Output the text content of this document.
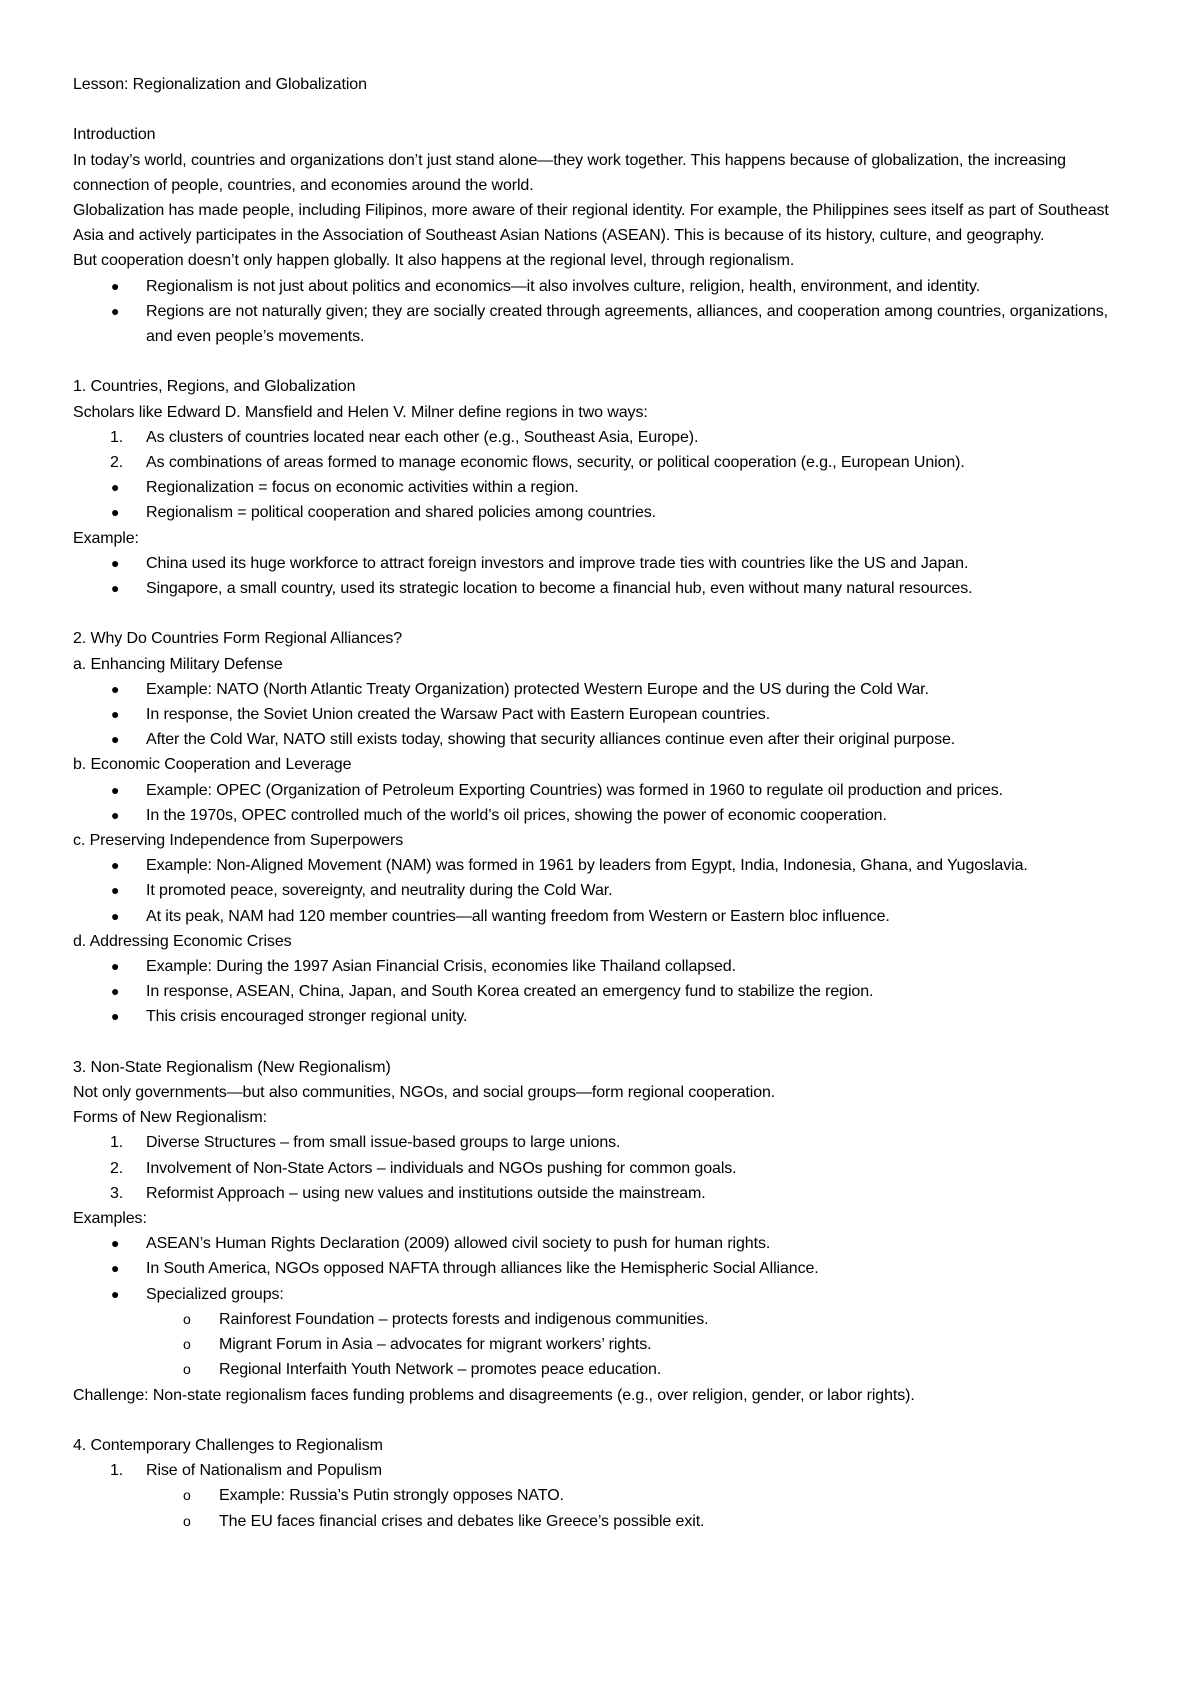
Lesson: Regionalization and Globalization

Introduction

In today’s world, countries and organizations don’t just stand alone—they work together. This happens because of globalization, the increasing connection of people, countries, and economies around the world.

Globalization has made people, including Filipinos, more aware of their regional identity. For example, the Philippines sees itself as part of Southeast Asia and actively participates in the Association of Southeast Asian Nations (ASEAN). This is because of its history, culture, and geography.

But cooperation doesn’t only happen globally. It also happens at the regional level, through regionalism.

●	Regionalism is not just about politics and economics—it also involves culture, religion, health, environment, and identity.
●	Regions are not naturally given; they are socially created through agreements, alliances, and cooperation among countries, organizations, and even people’s movements.

1. Countries, Regions, and Globalization

Scholars like Edward D. Mansfield and Helen V. Milner define regions in two ways:

1.	As clusters of countries located near each other (e.g., Southeast Asia, Europe).
2.	As combinations of areas formed to manage economic flows, security, or political cooperation (e.g., European Union).
●	Regionalization = focus on economic activities within a region.
●	Regionalism = political cooperation and shared policies among countries.

Example:

●	China used its huge workforce to attract foreign investors and improve trade ties with countries like the US and Japan.
●	Singapore, a small country, used its strategic location to become a financial hub, even without many natural resources.

2. Why Do Countries Form Regional Alliances?

a. Enhancing Military Defense

●	Example: NATO (North Atlantic Treaty Organization) protected Western Europe and the US during the Cold War.
●	In response, the Soviet Union created the Warsaw Pact with Eastern European countries.
●	After the Cold War, NATO still exists today, showing that security alliances continue even after their original purpose.

b. Economic Cooperation and Leverage

●	Example: OPEC (Organization of Petroleum Exporting Countries) was formed in 1960 to regulate oil production and prices.
●	In the 1970s, OPEC controlled much of the world’s oil prices, showing the power of economic cooperation.

c. Preserving Independence from Superpowers

●	Example: Non-Aligned Movement (NAM) was formed in 1961 by leaders from Egypt, India, Indonesia, Ghana, and Yugoslavia.
●	It promoted peace, sovereignty, and neutrality during the Cold War.
●	At its peak, NAM had 120 member countries—all wanting freedom from Western or Eastern bloc influence.

d. Addressing Economic Crises

●	Example: During the 1997 Asian Financial Crisis, economies like Thailand collapsed.
●	In response, ASEAN, China, Japan, and South Korea created an emergency fund to stabilize the region.
●	This crisis encouraged stronger regional unity.

3. Non-State Regionalism (New Regionalism)

Not only governments—but also communities, NGOs, and social groups—form regional cooperation.

Forms of New Regionalism:

1.	Diverse Structures – from small issue-based groups to large unions.
2.	Involvement of Non-State Actors – individuals and NGOs pushing for common goals.
3.	Reformist Approach – using new values and institutions outside the mainstream.

Examples:

●	ASEAN’s Human Rights Declaration (2009) allowed civil society to push for human rights.
●	In South America, NGOs opposed NAFTA through alliances like the Hemispheric Social Alliance.
●	Specialized groups:
o Rainforest Foundation – protects forests and indigenous communities.
o Migrant Forum in Asia – advocates for migrant workers’ rights.
o Regional Interfaith Youth Network – promotes peace education.

Challenge: Non-state regionalism faces funding problems and disagreements (e.g., over religion, gender, or labor rights).

4. Contemporary Challenges to Regionalism

1.	Rise of Nationalism and Populism
o Example: Russia’s Putin strongly opposes NATO.
o The EU faces financial crises and debates like Greece’s possible exit.
